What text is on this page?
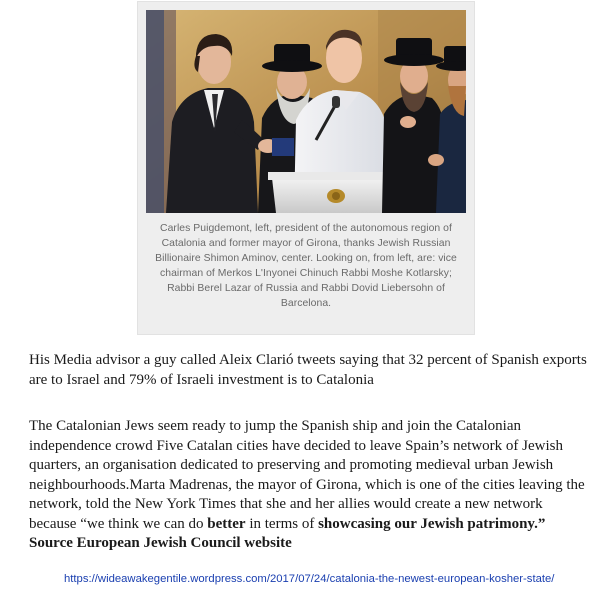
Carles Puigdemont, left, president of the autonomous region of Catalonia and former mayor of Girona, thanks Jewish Russian Billionaire Shimon Aminov, center. Looking on, from left, are: vice chairman of Merkos L'Inyonei Chinuch Rabbi Moshe Kotlarsky; Rabbi Berel Lazar of Russia and Rabbi Dovid Liebersohn of Barcelona.

His Media advisor a guy called Aleix Clarió tweets saying that 32 percent of Spanish exports are to Israel and 79% of Israeli investment is to Catalonia

The Catalonian Jews seem ready to jump the Spanish ship and join the Catalonian independence crowd Five Catalan cities have decided to leave Spain’s network of Jewish quarters, an organisation dedicated to preserving and promoting medieval urban Jewish neighbourhoods.Marta Madrenas, the mayor of Girona, which is one of the cities leaving the network, told the New York Times that she and her allies would create a new network because “we think we can do better in terms of showcasing our Jewish patrimony.” Source European Jewish Council website

https://wideawakegentile.wordpress.com/2017/07/24/catalonia-the-newest-european-kosher-state/
